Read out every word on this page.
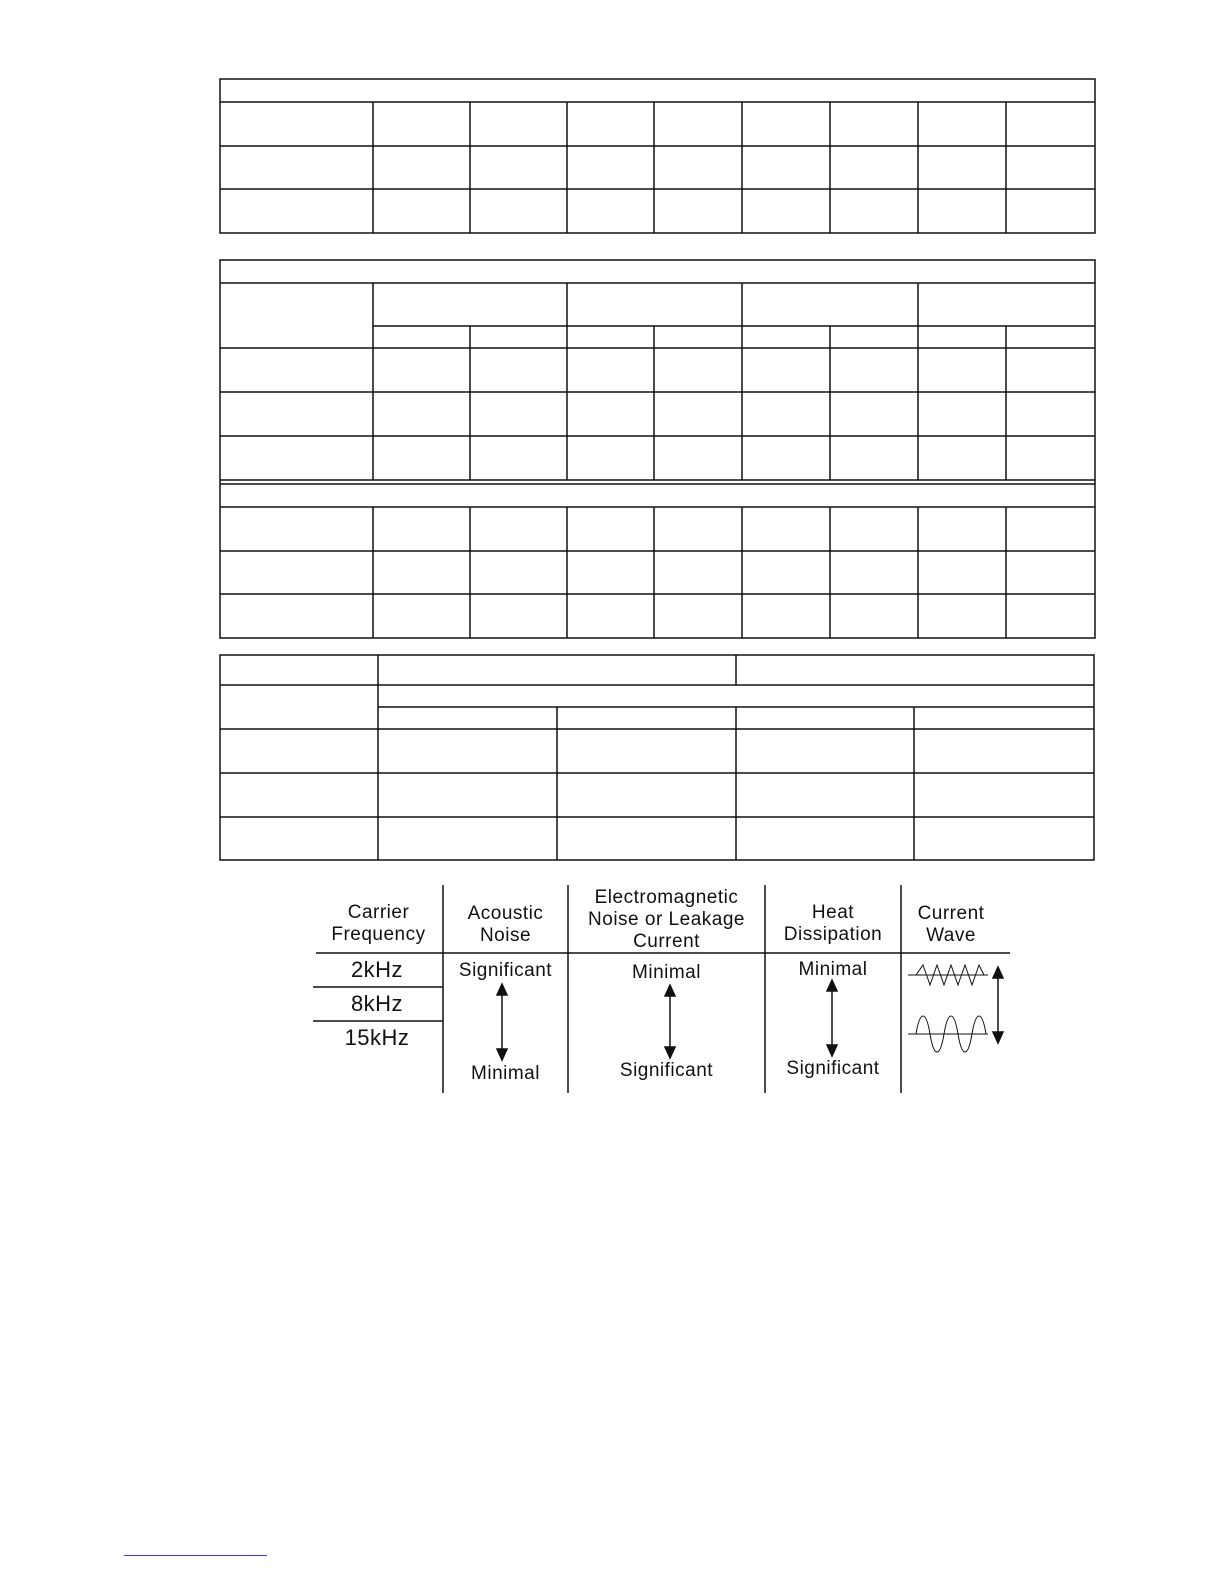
Carrier
Frequency
Acoustic
Noise
Electromagnetic
Noise or Leakage
Current
Heat
Dissipation
Current
Wave
2kHz
8kHz
15kHz
Significant
Minimal
Minimal
Significant
Minimal
Significant
